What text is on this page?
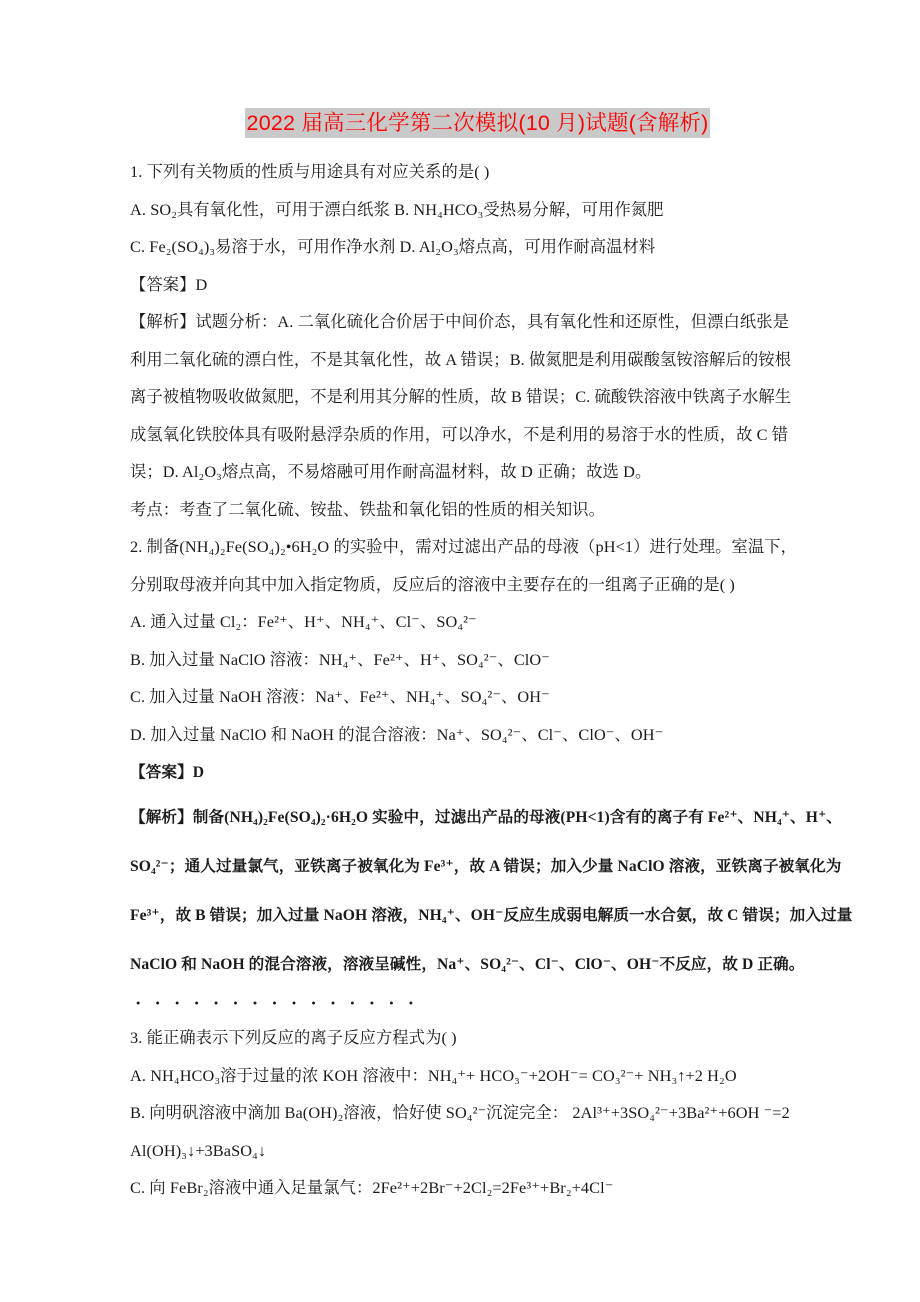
2022 届高三化学第二次模拟(10 月)试题(含解析)
1. 下列有关物质的性质与用途具有对应关系的是( )
A. SO₂具有氧化性，可用于漂白纸浆 B. NH₄HCO₃受热易分解，可用作氮肥
C. Fe₂(SO₄)₃易溶于水，可用作净水剂 D. Al₂O₃熔点高，可用作耐高温材料
【答案】D
【解析】试题分析：A. 二氧化硫化合价居于中间价态，具有氧化性和还原性，但漂白纸张是
利用二氧化硫的漂白性，不是其氧化性，故 A 错误；B. 做氮肥是利用碳酸氢铵溶解后的铵根
离子被植物吸收做氮肥，不是利用其分解的性质，故 B 错误；C. 硫酸铁溶液中铁离子水解生
成氢氧化铁胶体具有吸附悬浮杂质的作用，可以净水，不是利用的易溶于水的性质，故 C 错
误；D. Al₂O₃熔点高，不易熔融可用作耐高温材料，故 D 正确；故选 D。
考点：考查了二氧化硫、铵盐、铁盐和氧化铝的性质的相关知识。
2. 制备(NH₄)₂Fe(SO₄)₂•6H₂O 的实验中，需对过滤出产品的母液（pH<1）进行处理。室温下，
分别取母液并向其中加入指定物质，反应后的溶液中主要存在的一组离子正确的是( )
A. 通入过量 Cl₂：Fe²⁺、H⁺、NH₄⁺、Cl⁻、SO₄²⁻
B. 加入过量 NaClO 溶液：NH₄⁺、Fe²⁺、H⁺、SO₄²⁻、ClO⁻
C. 加入过量 NaOH 溶液：Na⁺、Fe²⁺、NH₄⁺、SO₄²⁻、OH⁻
D. 加入过量 NaClO 和 NaOH 的混合溶液：Na⁺、SO₄²⁻、Cl⁻、ClO⁻、OH⁻
【答案】D
【解析】制备(NH₄)₂Fe(SO₄)₂·6H₂O 实验中，过滤出产品的母液(PH<1)含有的离子有 Fe²⁺、NH₄⁺、H⁺、
SO₄²⁻；通人过量氯气，亚铁离子被氧化为 Fe³⁺，故 A 错误；加入少量 NaClO 溶液，亚铁离子被氧化为
Fe³⁺，故 B 错误；加入过量 NaOH 溶液，NH₄⁺、OH⁻反应生成弱电解质一水合氨，故 C 错误；加入过量
NaClO 和 NaOH 的混合溶液，溶液呈碱性，Na⁺、SO₄²⁻、Cl⁻、ClO⁻、OH⁻不反应，故 D 正确。
・・・・・・・・・・・・・・・
3. 能正确表示下列反应的离子反应方程式为( )
A. NH₄HCO₃溶于过量的浓 KOH 溶液中：NH₄⁺+ HCO₃⁻+2OH⁻= CO₃²⁻+ NH₃↑+2 H₂O
B. 向明矾溶液中滴加 Ba(OH)₂溶液，恰好使 SO₄²⁻沉淀完全： 2Al³⁺+3SO₄²⁻+3Ba²⁺+6OH ⁻=2
Al(OH)₃↓+3BaSO₄↓
C. 向 FeBr₂溶液中通入足量氯气：2Fe²⁺+2Br⁻+2Cl₂=2Fe³⁺+Br₂+4Cl⁻
